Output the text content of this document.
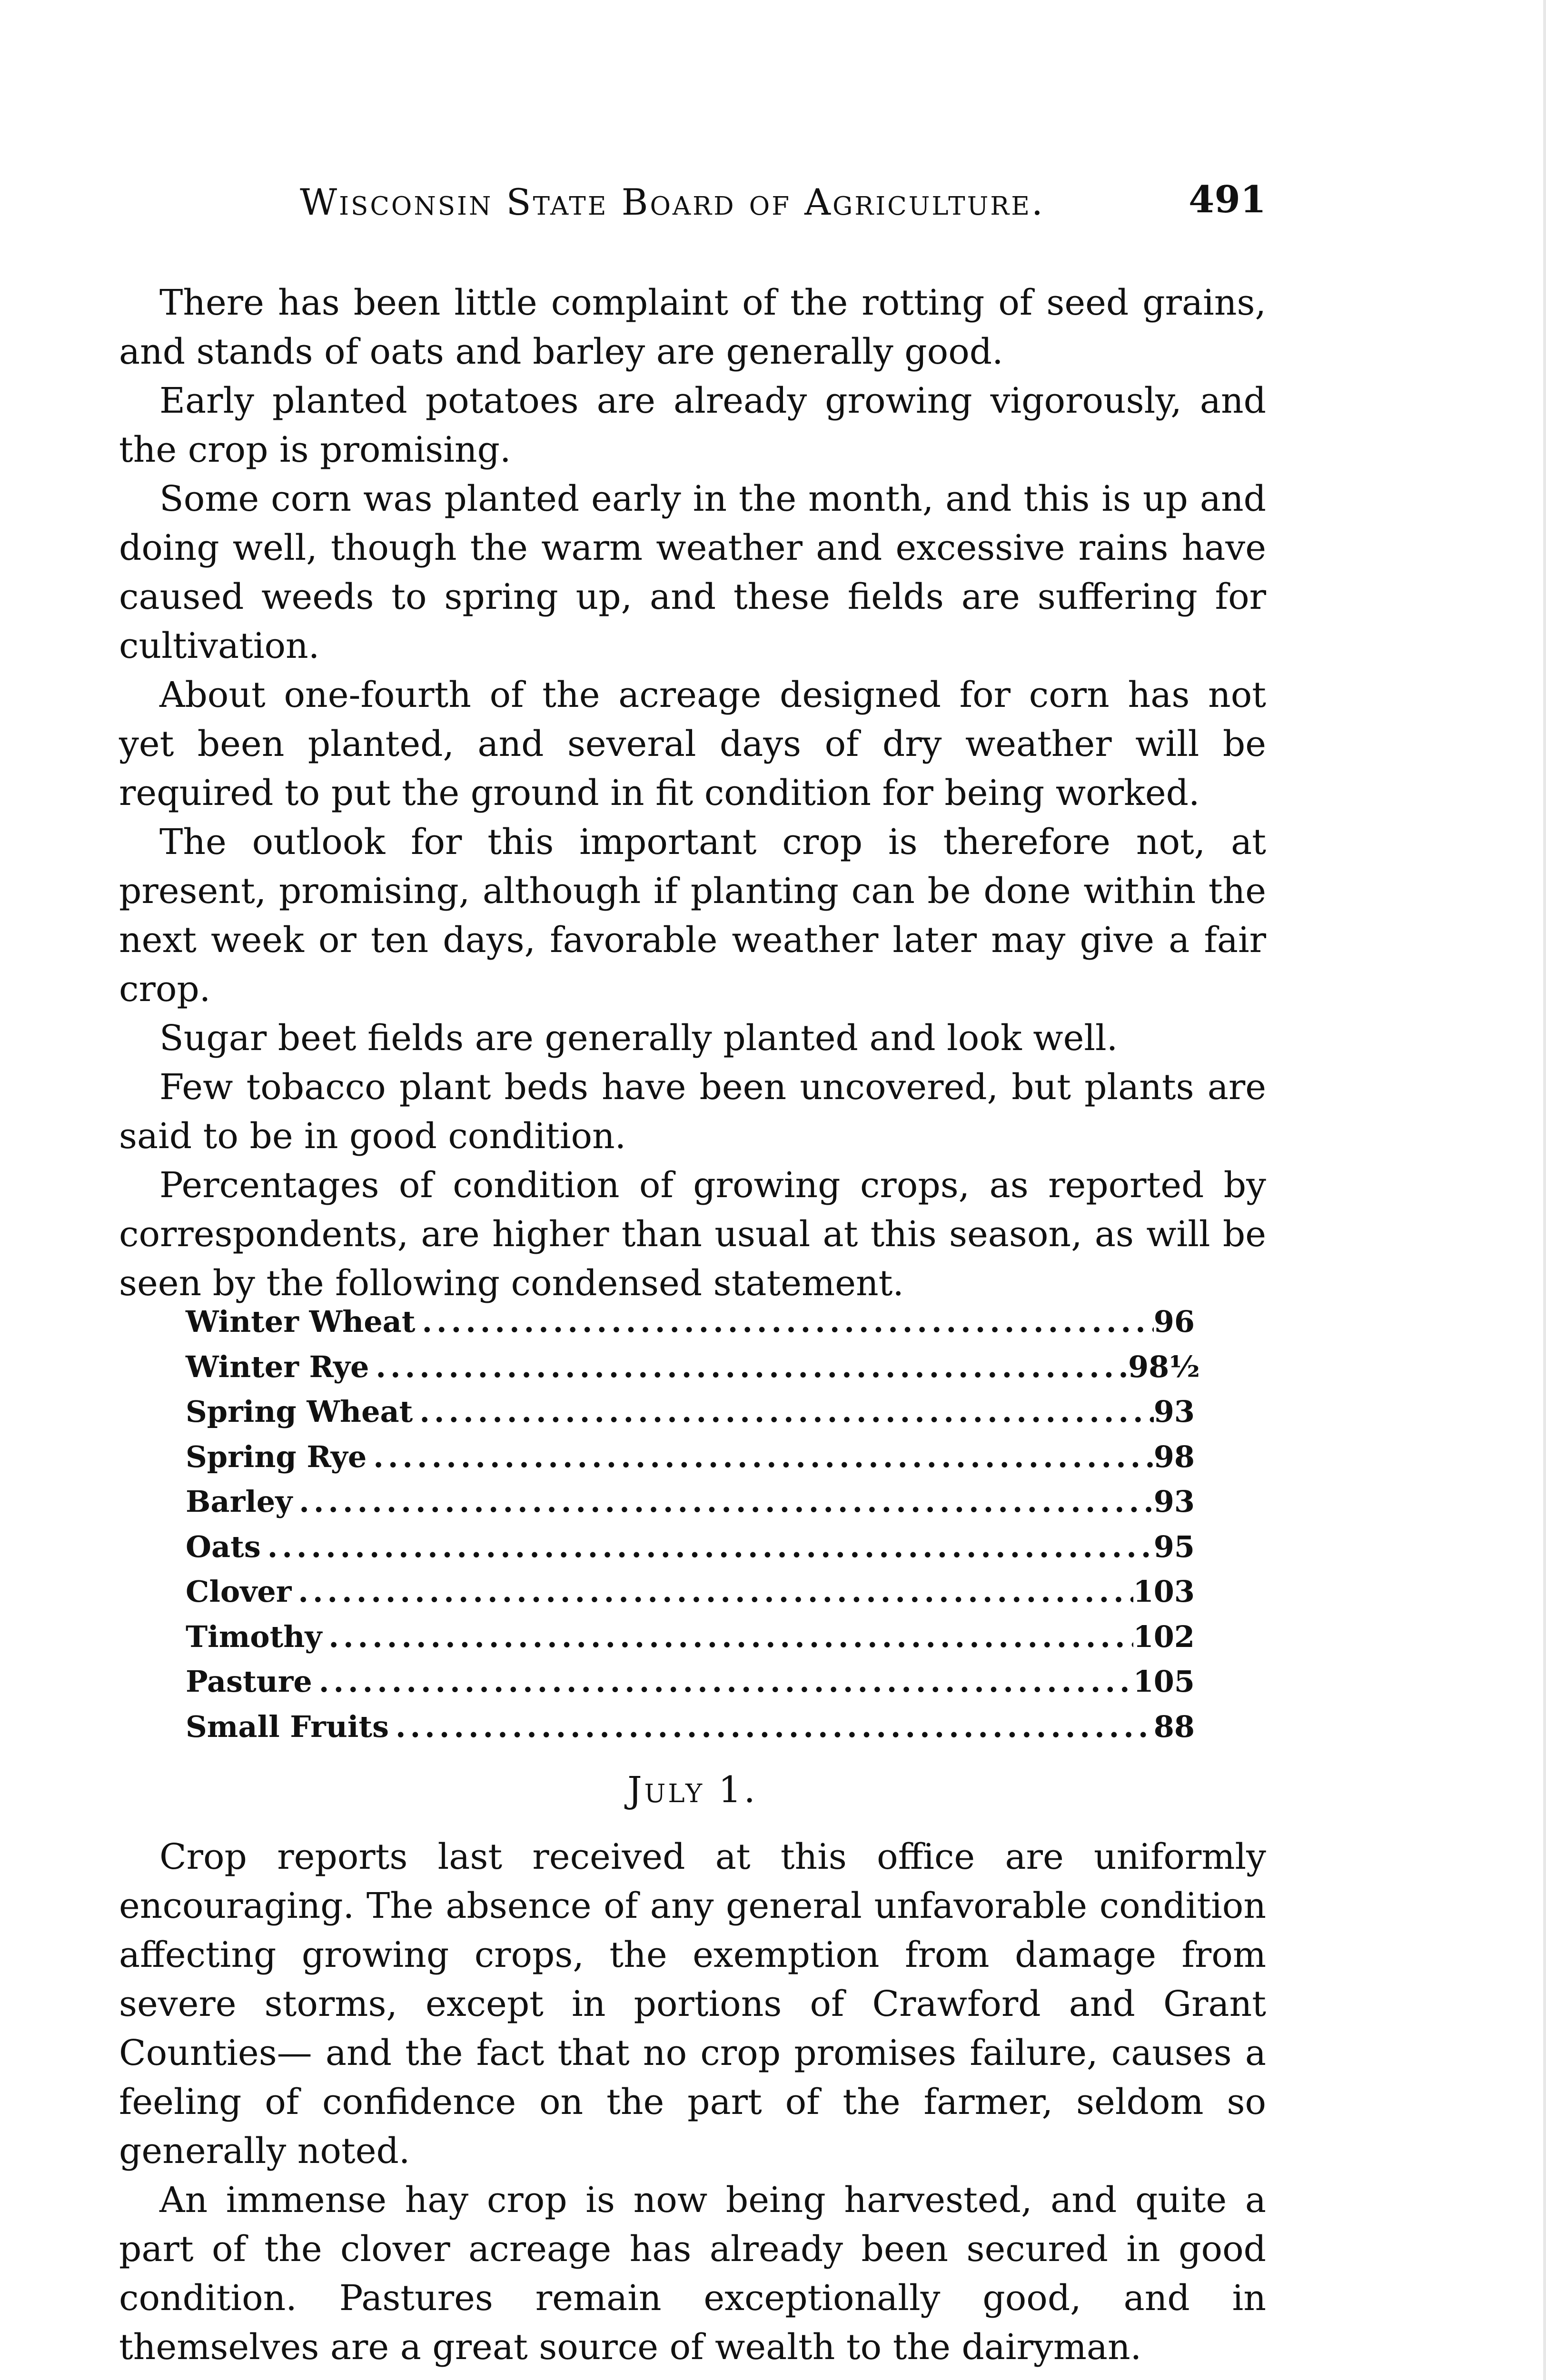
Wisconsin State Board of Agriculture.	491

There has been little complaint of the rotting of seed grains, and stands of oats and barley are generally good.

Early planted potatoes are already growing vigorously, and the crop is promising.

Some corn was planted early in the month, and this is up and doing well, though the warm weather and excessive rains have caused weeds to spring up, and these fields are suffering for cultivation.

About one-fourth of the acreage designed for corn has not yet been planted, and several days of dry weather will be required to put the ground in fit condition for being worked.

The outlook for this important crop is therefore not, at present, promising, although if planting can be done within the next week or ten days, favorable weather later may give a fair crop.

Sugar beet fields are generally planted and look well.

Few tobacco plant beds have been uncovered, but plants are said to be in good condition.

Percentages of condition of growing crops, as reported by correspondents, are higher than usual at this season, as will be seen by the following condensed statement.

Winter Wheat .....	96
Winter Rye .....	98½
Spring Wheat .....	93
Spring Rye .....	98
Barley .....	93
Oats .....	95
Clover .....	103
Timothy .....	102
Pasture .....	105
Small Fruits .....	88
July 1.

Crop reports last received at this office are uniformly encouraging. The absence of any general unfavorable condition affecting growing crops, the exemption from damage from severe storms, except in portions of Crawford and Grant Counties— and the fact that no crop promises failure, causes a feeling of confidence on the part of the farmer, seldom so generally noted.

An immense hay crop is now being harvested, and quite a part of the clover acreage has already been secured in good condition. Pastures remain exceptionally good, and in themselves are a great source of wealth to the dairyman.
